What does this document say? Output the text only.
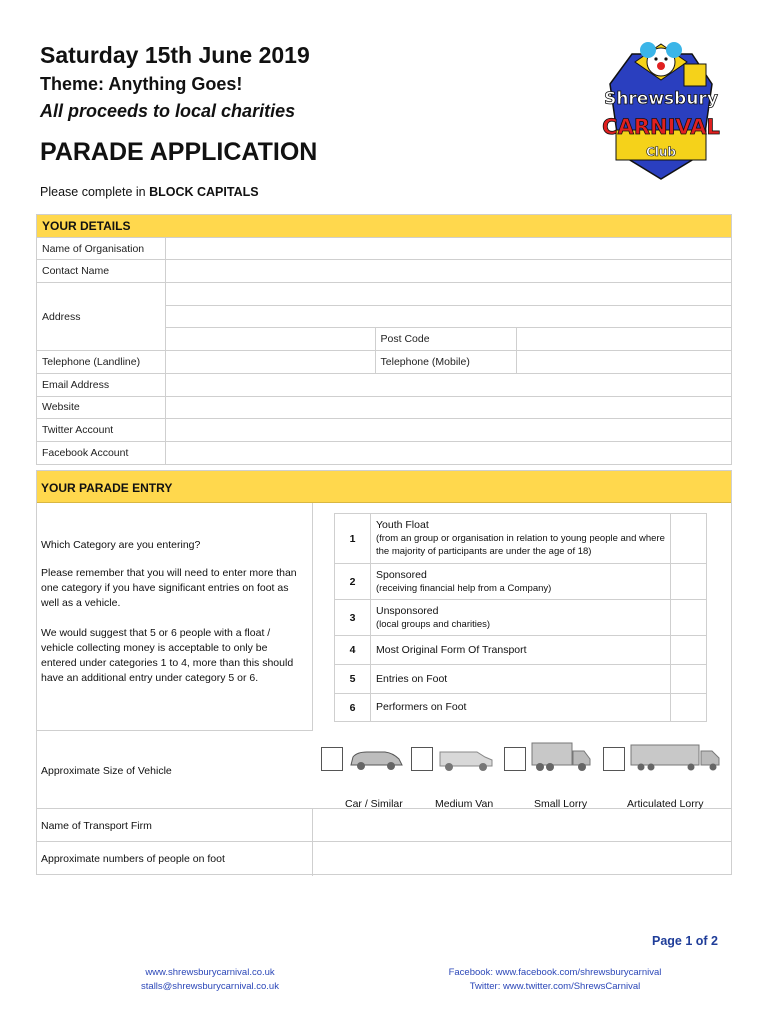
Saturday 15th June 2019
Theme: Anything Goes!
All proceeds to local charities
PARADE APPLICATION
Please complete in BLOCK CAPITALS
Shrewsbury
CARNIVAL
Club
YOUR DETAILS			
Name of Organisation			
Contact Name			
Address			

		Post Code	
Telephone (Landline)		Telephone (Mobile)	
Email Address			
Website			
Twitter Account			
Facebook Account			
YOUR PARADE ENTRY
Which Category are you entering?
Please remember that you will need to enter more than one category if you have significant entries on foot as well as a vehicle.
We would suggest that 5 or 6 people with a float / vehicle collecting money is acceptable to only be entered under categories 1 to 4, more than this should have an additional entry under category 5 or 6.
1	Youth Float
(from an group or organisation in relation to young people and where the majority of participants are under the age of 18)	

2	Sponsored
(receiving financial help from a Company)	

3	Unsponsored
(local groups and charities)	

4	Most Original Form Of Transport	
5	Entries on Foot	
6	Performers on Foot	
Approximate Size of Vehicle
Car / Similar	Medium Van	Small Lorry	Articulated Lorry
Name of Transport Firm
Approximate numbers of people on foot
Page 1 of 2
www.shrewsburycarnival.co.uk
stalls@shrewsburycarnival.co.uk
Facebook: www.facebook.com/shrewsburycarnival
Twitter: www.twitter.com/ShrewsCarnival
